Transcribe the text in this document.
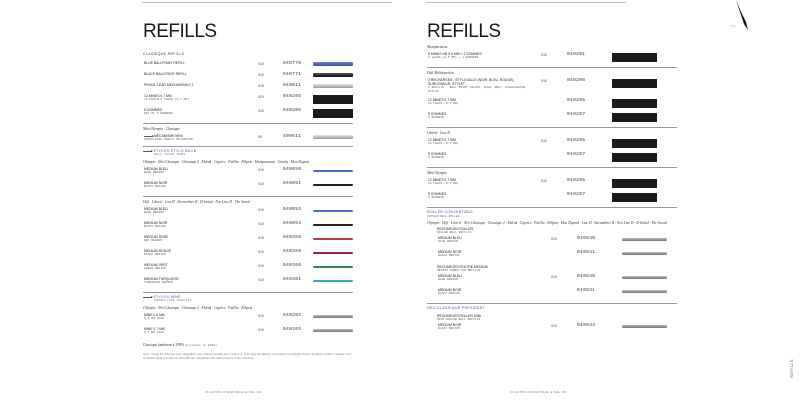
REFILLS
CLASSIQUE REFILLS
BLUE BALLPOINT REFILL	X10	040770
BLACK BALLPOINT REFILL	X10	040771
PENCIL LEAD MECHANISM 0,7	X10	040811
12 MINES 0,7 MM
12 PENCILS LEADS (0,7 MM)
X10	040205
5 GOMMES
SET OF 5 RUBBERS
X10	040206
Mini Olympio · Classique
MÉCANISME MINI
PROPELLING PENCIL MECHANISM
X5	400611
STYLOS STYLO BILLE
BALL POINT PENS
Olympio · Néo-Classique · Classique 2 · Eldrak · Caprice · Fidélio · Ellipsis · Montparnasse · Gatsby · Mon Dupont
MEDIUM BLEU
BLUE MEDIUM
X10	040050
MEDIUM NOIR
BLACK MEDIUM
X10	040051
Défi · Liberté · Line D · Streamliner R · D-Initial · Neo Line D · The Sword
MEDIUM BLEU
BLUE MEDIUM
X10	040053
MEDIUM NOIR
BLACK MEDIUM
X10	040054
MEDIUM ROSE
RED MEDIUM
X10	040358
MEDIUM ROUGE
BLACK MEDIUM
X10	040359
MEDIUM VERT
GREEN MEDIUM
X10	040360
MEDIUM TURQUOISE
TURQUOISE MEDIUM
X10	040361
STYLOS MINE
PROPELLING PENCILS
Olympio · Néo-Classique · Classique 2 · Eldrak · Caprice · Fidélio · Ellipsis
MINE 0,5 MM
0,5 MM LEAD
X10	040202
MINE 0,7 MM
0,7 MM LEAD
X10	040203
Classique (antérieur à 1999) (previous to 1999)
Note : Toutes les recharges sont compatibles avec d'autres produits de la collection. Pour toute information concernant les recharges d'autres produits, veuillez consulter votre revendeur agréé S.T. Dupont. All refills are compatible with other products of the collection.
COLLECTION INTERNATIONALE ■ PAGE 149
REFILLS
Montparnasse
8 MINES HB 0,5 MM + 2 GOMMES
8 LEADS (0,5 MM) + 2 RUBBERS
X10	040201
Défi Multifonction
3 RECHARGES - STYLO BILLE (NOIR, BLEU, ROUGE), SURLIGNEUR, STYLET
6 REFILLS - BALL POINT (BLACK, BLUE, RED), HIGHLIGHTER, STYLUS
X10	040206
12 MINES 0,7 MM
12 LEADS (0,7 MM)
040205
5 GOMMES
5 RUBBERS
040207
Liberté · Line D
12 MINES 0,7 MM
12 LEADS (0,7 MM)
X10	040205
5 GOMMES
5 RUBBERS
040207
Mini Olympio
12 MINES 0,7 MM
12 LEADS (0,7 MM)
X10	040205
5 GOMMES
5 RUBBERS
040207
ROLLER CONVERTIBLE
CONVERTIBLE ROLLER
Olympio · Défi · Liberté · Néo-Classique · Classique 2 · Eldrak · Caprice · Fidélio · Ellipsis · Mon Dupont · Line D · Streamliner R · Neo Line D · D-Initial · The Sword
RECHARGES ROLLER
ROLLER BALL REFILLS
MEDIUM BLEU
BLUE MEDIUM
X10	040840
MEDIUM NOIR
BLACK MEDIUM
040841
RECHARGES FEUTRE MEDIUM
MEDIUM FIBER TIP REFILLS
MEDIUM BLEU
BLUE MEDIUM
X10	040830
MEDIUM NOIR
BLACK MEDIUM
040831
NEO-CLASSIQUE PRESIDENT
RECHARGES ROLLER MINI
MINI ROLLER BALL REFILLS
MEDIUM NOIR
BLACK MEDIUM
X10	040843
COLLECTION INTERNATIONALE ■ PAGE 150
REFILLS
